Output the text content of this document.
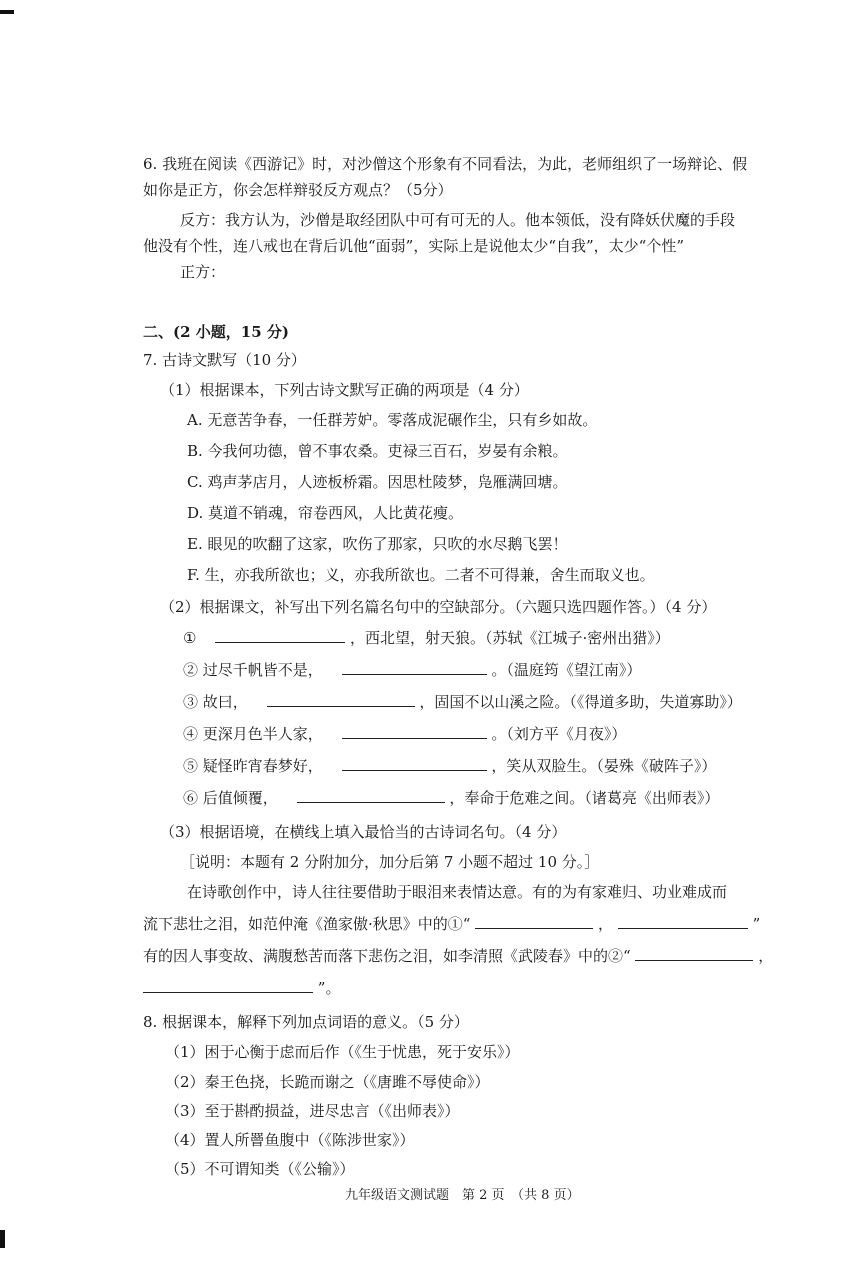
6. 我班在阅读《西游记》时，对沙僧这个形象有不同看法，为此，老师组织了一场辩论、假
如你是正方，你会怎样辩驳反方观点？（5分）
反方：我方认为，沙僧是取经团队中可有可无的人。他本领低，没有降妖伏魔的手段
他没有个性，连八戒也在背后讥他“面弱”，实际上是说他太少“自我”，太少“个性”
正方：
二、(2 小题，15 分)
7. 古诗文默写（10 分）
（1）根据课本，下列古诗文默写正确的两项是（4 分）
A. 无意苦争春，一任群芳妒。零落成泥碾作尘，只有乡如故。
B. 今我何功德，曾不事农桑。吏禄三百石，岁晏有余粮。
C. 鸡声茅店月，人迹板桥霜。因思杜陵梦，凫雁满回塘。
D. 莫道不销魂，帘卷西风，人比黄花瘦。
E. 眼见的吹翻了这家，吹伤了那家，只吹的水尽鹅飞罢！
F. 生，亦我所欲也；义，亦我所欲也。二者不可得兼，舍生而取义也。
（2）根据课文，补写出下列名篇名句中的空缺部分。（六题只选四题作答。）（4 分）
①	，西北望，射天狼。（苏轼《江城子·密州出猎》）
② 过尽千帆皆不是，	。（温庭筠《望江南》）
③ 故曰，	，固国不以山溪之险。（《得道多助，失道寡助》）
④ 更深月色半人家，	。（刘方平《月夜》）
⑤ 疑怪昨宵春梦好，	，笑从双脸生。（晏殊《破阵子》）
⑥ 后值倾覆，	，奉命于危难之间。（诸葛亮《出师表》）
（3）根据语境，在横线上填入最恰当的古诗词名句。（4 分）
［说明：本题有 2 分附加分，加分后第 7 小题不超过 10 分。］
在诗歌创作中，诗人往往要借助于眼泪来表情达意。有的为有家难归、功业难成而
流下悲壮之泪，如范仲淹《渔家傲·秋思》中的①“	，	”
有的因人事变故、满腹愁苦而落下悲伤之泪，如李清照《武陵春》中的②“	，
”。
8. 根据课本，解释下列加点词语的意义。（5 分）
（1）困于心衡于虑而后作（《生于忧患，死于安乐》）
（2）秦王色挠，长跪而谢之（《唐雎不辱使命》）
（3）至于斟酌损益，进尽忠言（《出师表》）
（4）置人所罾鱼腹中（《陈涉世家》）
（5）不可谓知类（《公输》）
九年级语文测试题　第 2 页　（共 8 页）
